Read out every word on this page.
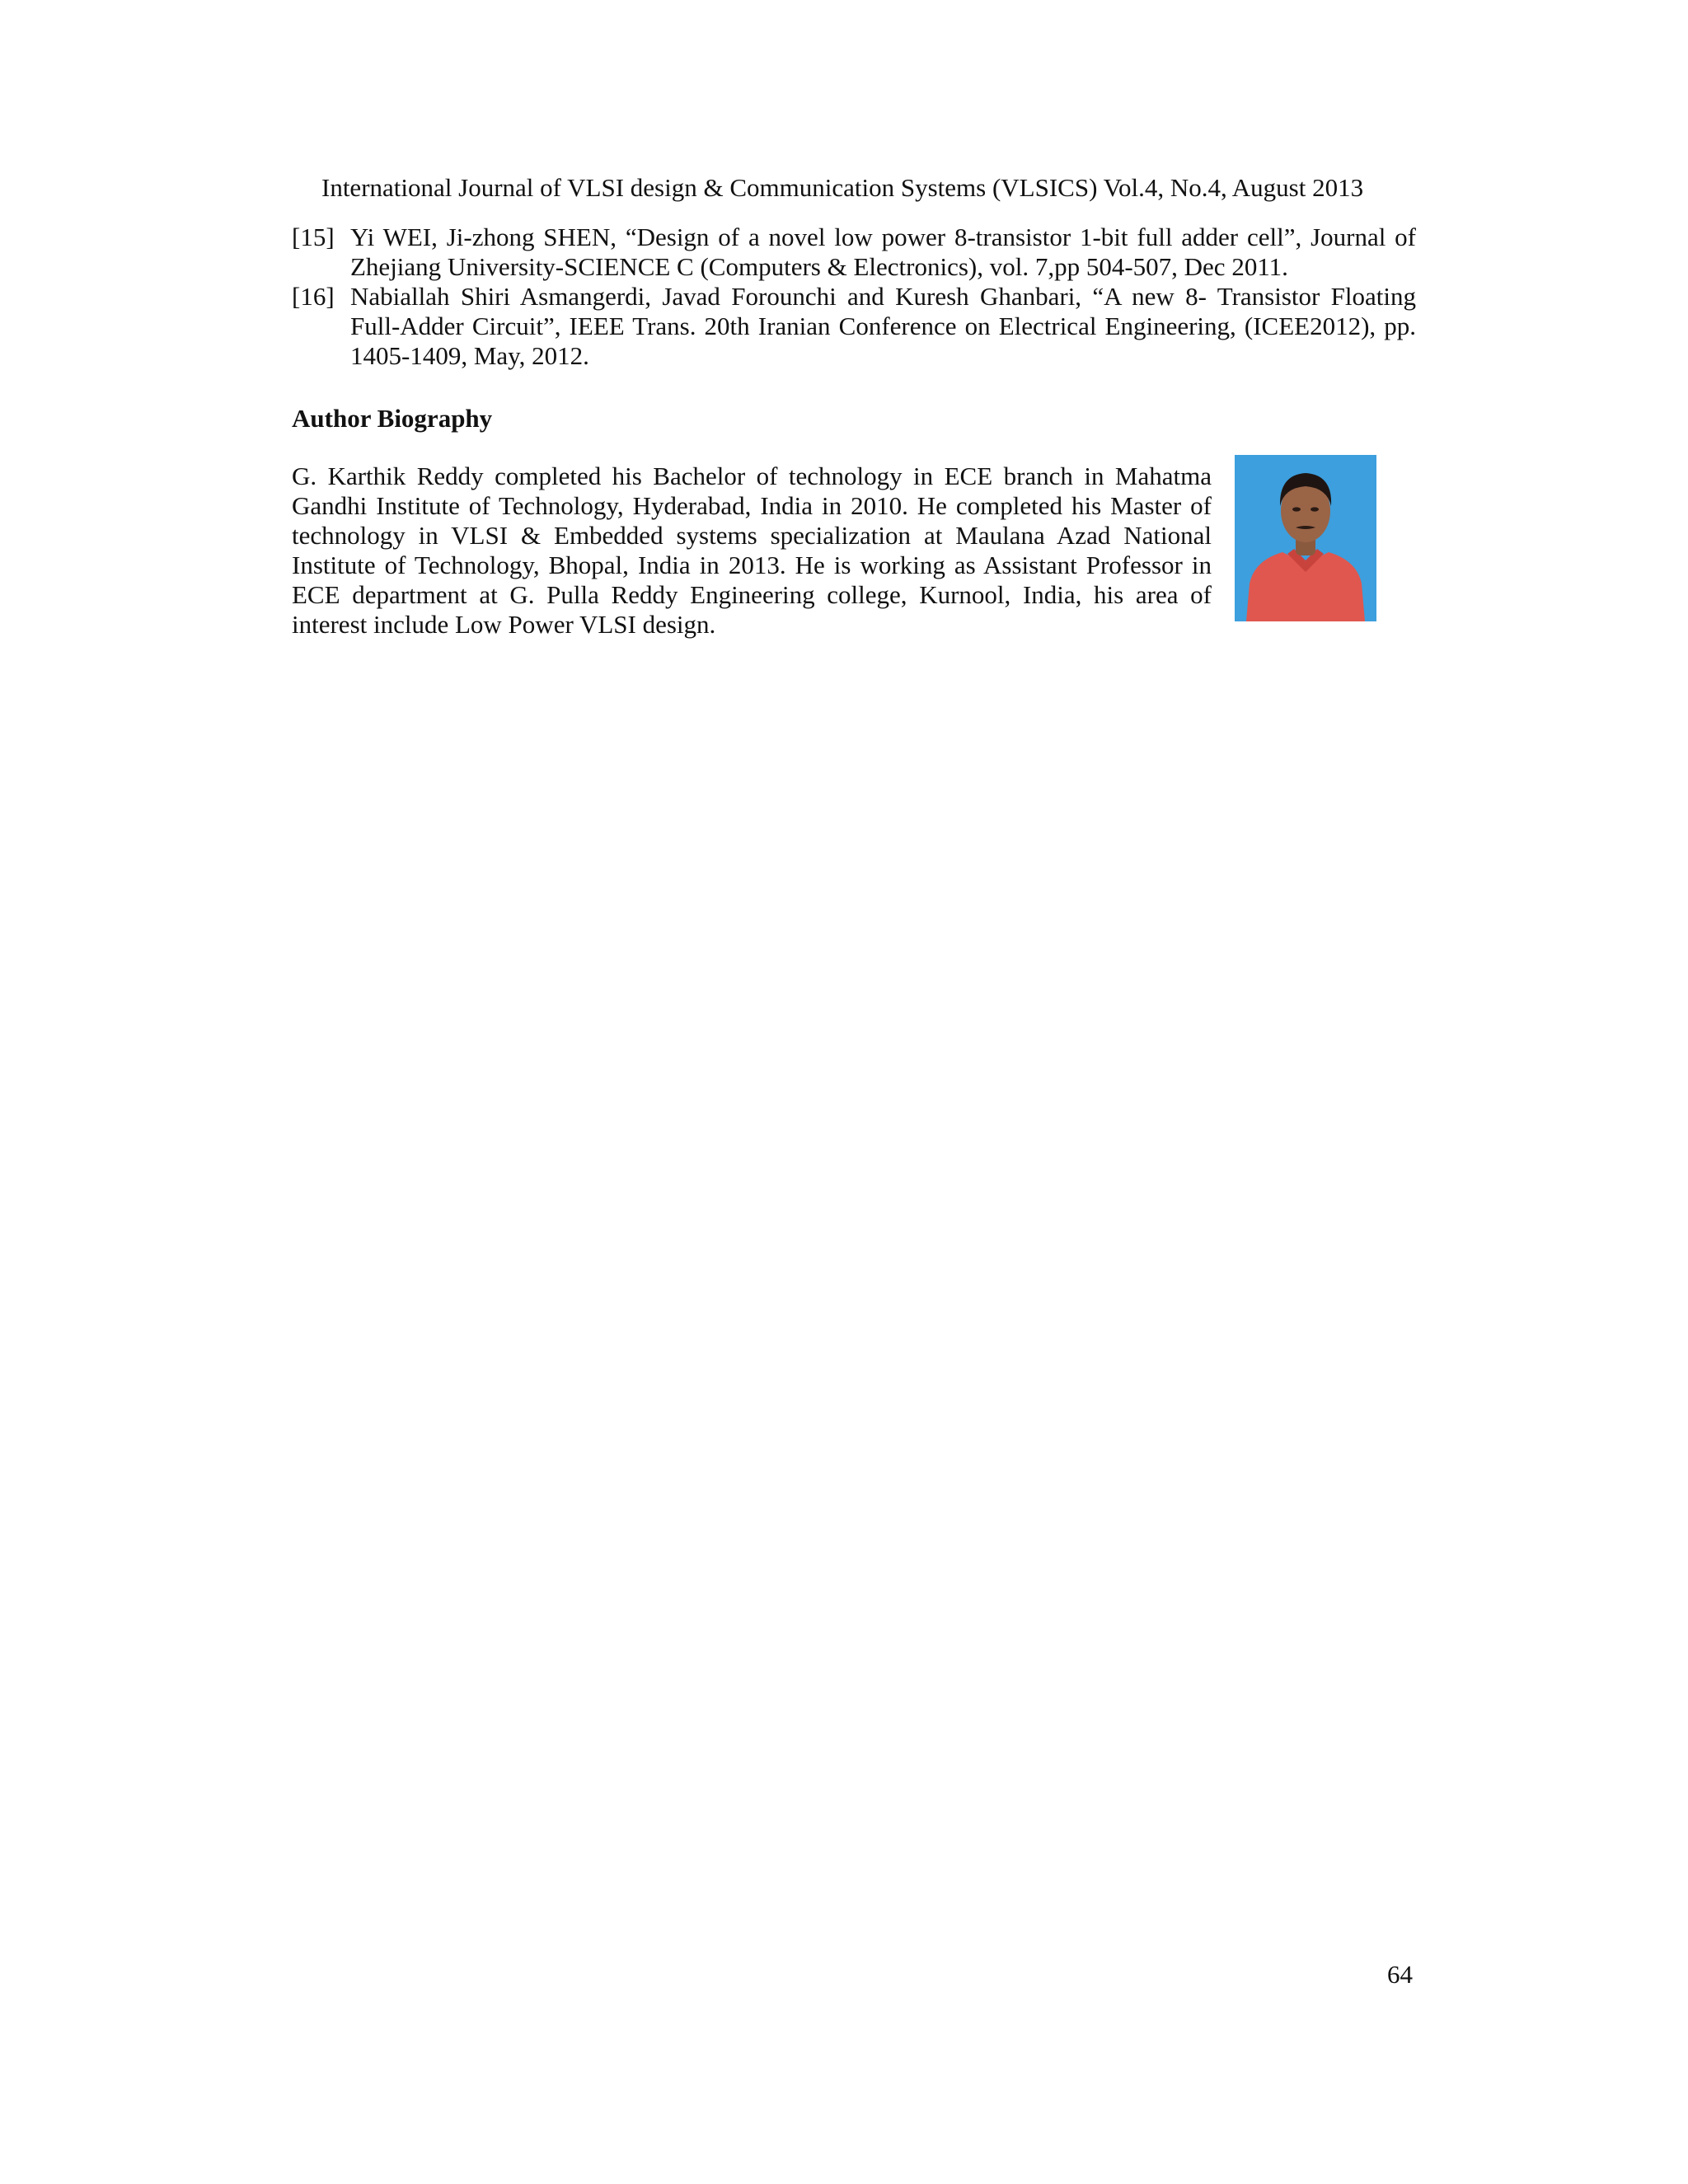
International Journal of VLSI design & Communication Systems (VLSICS) Vol.4, No.4, August 2013
[15] Yi WEI, Ji-zhong SHEN, “Design of a novel low power 8-transistor 1-bit full adder cell”, Journal of Zhejiang University-SCIENCE C (Computers & Electronics), vol. 7,pp 504-507, Dec 2011.
[16] Nabiallah Shiri Asmangerdi, Javad Forounchi and Kuresh Ghanbari, “A new 8- Transistor Floating Full-Adder Circuit”, IEEE Trans. 20th Iranian Conference on Electrical Engineering, (ICEE2012), pp. 1405-1409, May, 2012.
Author Biography
G. Karthik Reddy completed his Bachelor of technology in ECE branch in Mahatma Gandhi Institute of Technology, Hyderabad, India in 2010. He completed his Master of technology in VLSI & Embedded systems specialization at Maulana Azad National Institute of Technology, Bhopal, India in 2013. He is working as Assistant Professor in ECE department at G. Pulla Reddy Engineering college, Kurnool, India, his area of interest include Low Power VLSI design.
64
